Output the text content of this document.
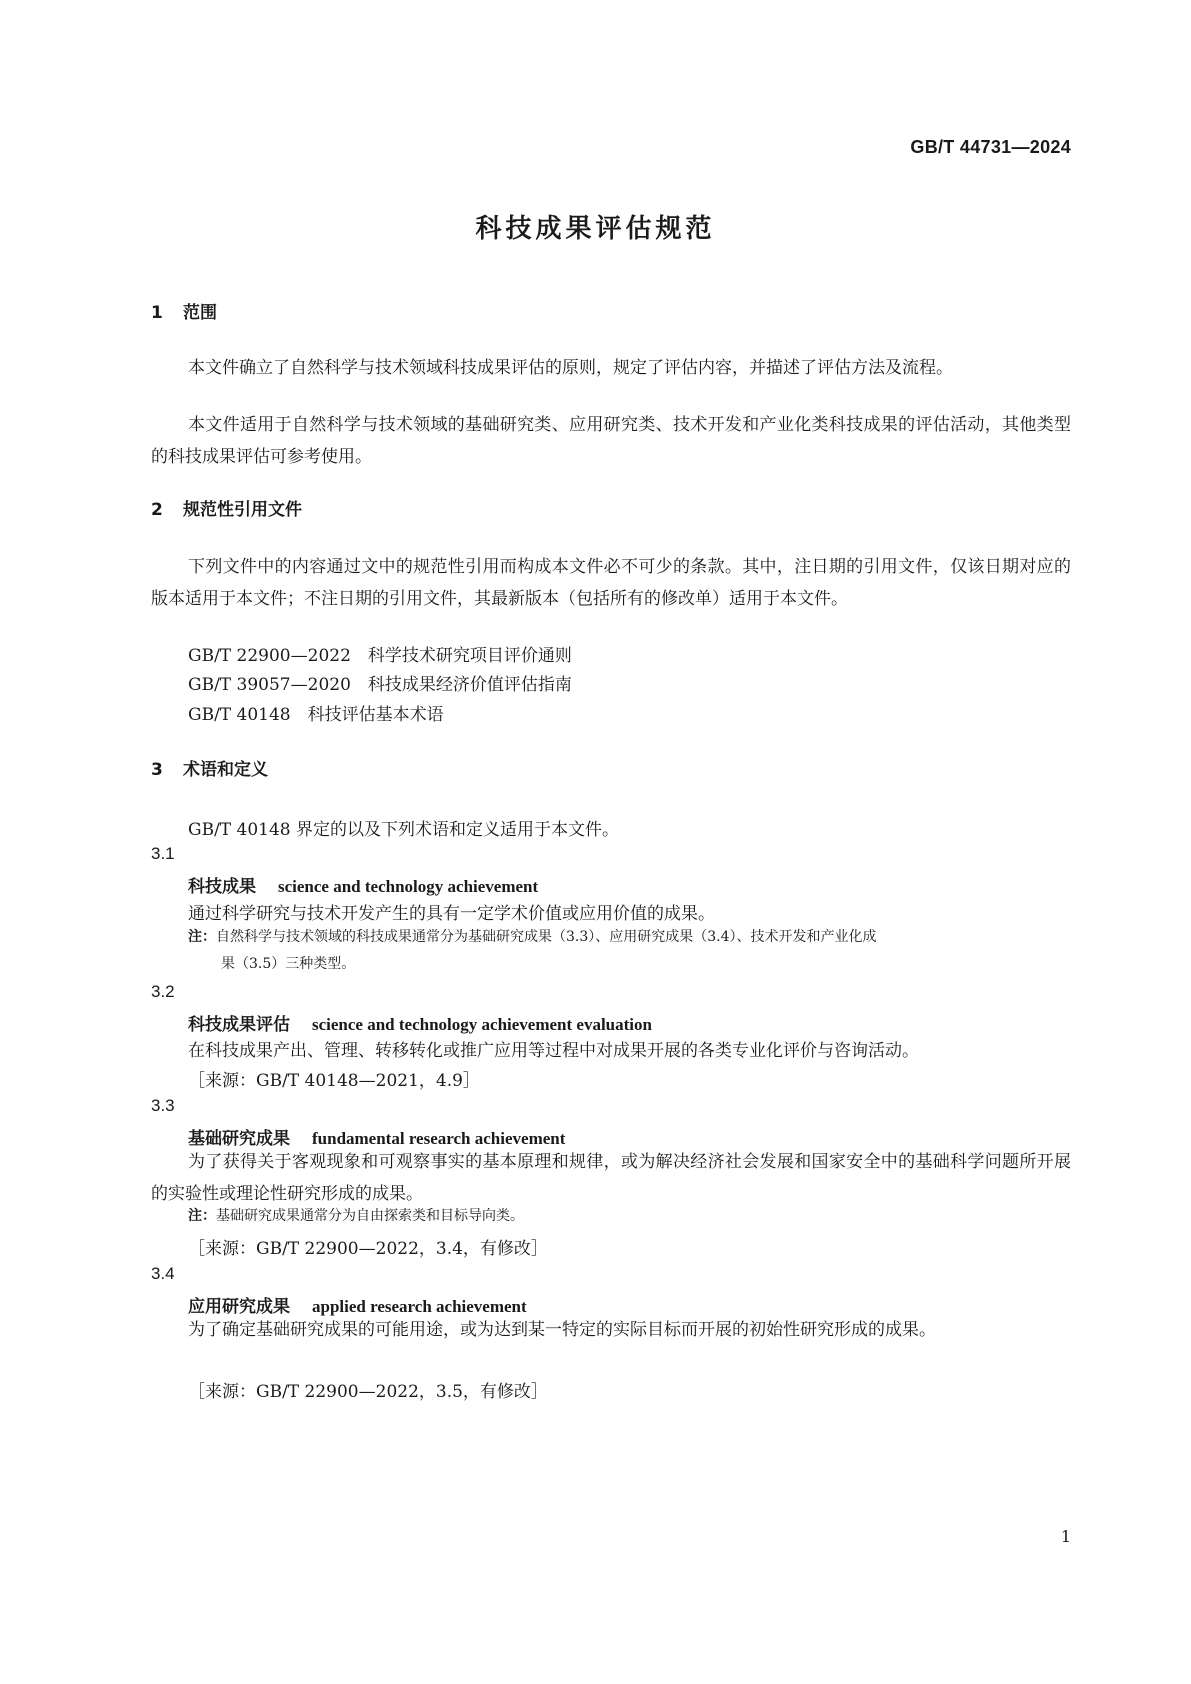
GB/T 44731—2024
科技成果评估规范
1 范围
本文件确立了自然科学与技术领域科技成果评估的原则，规定了评估内容，并描述了评估方法及流程。
本文件适用于自然科学与技术领域的基础研究类、应用研究类、技术开发和产业化类科技成果的评估活动，其他类型的科技成果评估可参考使用。
2 规范性引用文件
下列文件中的内容通过文中的规范性引用而构成本文件必不可少的条款。其中，注日期的引用文件，仅该日期对应的版本适用于本文件；不注日期的引用文件，其最新版本（包括所有的修改单）适用于本文件。
GB/T 22900—2022　科学技术研究项目评价通则
GB/T 39057—2020　科技成果经济价值评估指南
GB/T 40148　科技评估基本术语
3 术语和定义
GB/T 40148 界定的以及下列术语和定义适用于本文件。
3.1
科技成果 science and technology achievement
通过科学研究与技术开发产生的具有一定学术价值或应用价值的成果。
注：自然科学与技术领域的科技成果通常分为基础研究成果（3.3）、应用研究成果（3.4）、技术开发和产业化成
果（3.5）三种类型。
3.2
科技成果评估 science and technology achievement evaluation
在科技成果产出、管理、转移转化或推广应用等过程中对成果开展的各类专业化评价与咨询活动。
［来源：GB/T 40148—2021，4.9］
3.3
基础研究成果 fundamental research achievement
为了获得关于客观现象和可观察事实的基本原理和规律，或为解决经济社会发展和国家安全中的基础科学问题所开展的实验性或理论性研究形成的成果。
注：基础研究成果通常分为自由探索类和目标导向类。
［来源：GB/T 22900—2022，3.4，有修改］
3.4
应用研究成果 applied research achievement
为了确定基础研究成果的可能用途，或为达到某一特定的实际目标而开展的初始性研究形成的成果。
［来源：GB/T 22900—2022，3.5，有修改］
1
